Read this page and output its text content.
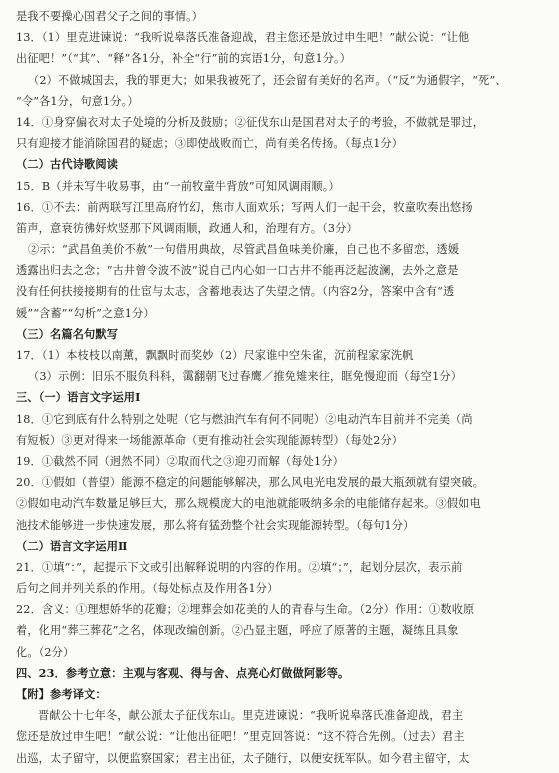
是我不要操心国君父子之间的事情。）
13．（1）里克进谏说：“我听说皋落氏准备迎战，君主您还是放过申生吧！”献公说：“让他
出征吧！”（“其”、“释”各1分，补全“行”前的宾语1分，句意1分。）
（2）不做城国去，我的罪更大；如果我被死了，还会留有美好的名声。（“反”为通假字，“死”、
“令”各1分，句意1分。）
14．①身穿偏衣对太子处境的分析及鼓励；②征伐东山是国君对太子的考验，不做就是罪过，
只有迎接才能消除国君的疑虑；③即使战败而亡，尚有美名传扬。（每点1分）
（二）古代诗歌阅读
15．B（并未写牛收易事，由“一前牧童牛背放”可知风调雨顺。）
16．①不去：前两联写江里高府竹幻，焦市人面欢乐；写两人们一起干会，牧童吹奏出悠扬
笛声，意衰彷彿好炊竖那下风调雨顺，政通人和，治理有方。（3分）
②示：“武昌鱼美价不赦”一句借用典故，尽管武昌鱼味美价廉，自己也不多留恋，透媛
透露出归去之念；“古井曾令波不波”说自己内心如一口古井不能再泛起波澜，去外之意是
没有任何扶接接期有的仕宦与太志，含蓄地表达了失望之情。（内容2分，答案中含有“透
媛”“含蓄”“勾析”之意1分）
（三）名篇名句默写
17．（1）本枝枝以南薰，飘飘时而奖妙（2）尺家谁中空朱雀，沉前程家家洗帆
（3）示例：旧乐不服负科科，霭翻朝飞过春鹰／推免雉来往，眶免慢迎而（每空1分）
三、（一）语言文字运用Ⅰ
18．①它到底有什么特别之处呢（它与燃油汽车有何不同呢）②电动汽车目前并不完美（尚
有短板）③更对得来一场能源革命（更有推动社会实现能源转型）（每处2分）
19．①截然不同（迥然不同）②取而代之③迎刃而解（每处1分）
20．①假如（普望）能源不稳定的问题能够解决，那么风电光电发展的最大瓶颈就有望突破。
②假如电动汽车数量足够巨大，那么规模庞大的电池就能吸纳多余的电能储存起来。③假如电
池技术能够进一步快速发展，那么将有猛劲整个社会实现能源转型。（每句1分）
（二）语言文字运用Ⅱ
21．①填“：”，起提示下文或引出解释说明的内容的作用。②填“；”，起划分层次，表示前
后句之间并列关系的作用。（每处标点及作用各1分）
22．含义：①理想娇华的花瓣；②埋葬会如花美的人的青春与生命。（2分）作用：①数收原
着，化用“葬三葬花”之名，体现改编创新。②凸显主题，呼应了原著的主题，凝练且具象
化。（2分）
四、23．参考立意：主观与客观、得与舍、点亮心灯做做阿影等。
【附】参考译文：
晋献公十七年冬，献公派太子征伐东山。里克进谏说：“我听说皋落氏准备迎战，君主
您还是放过申生吧！”献公说：“让他出征吧！”里克回答说：“这不符合先例。（过去）君主
出巡，太子留守，以便监察国家；君主出征，太子随行，以便安抚军队。如今君主留守，太
